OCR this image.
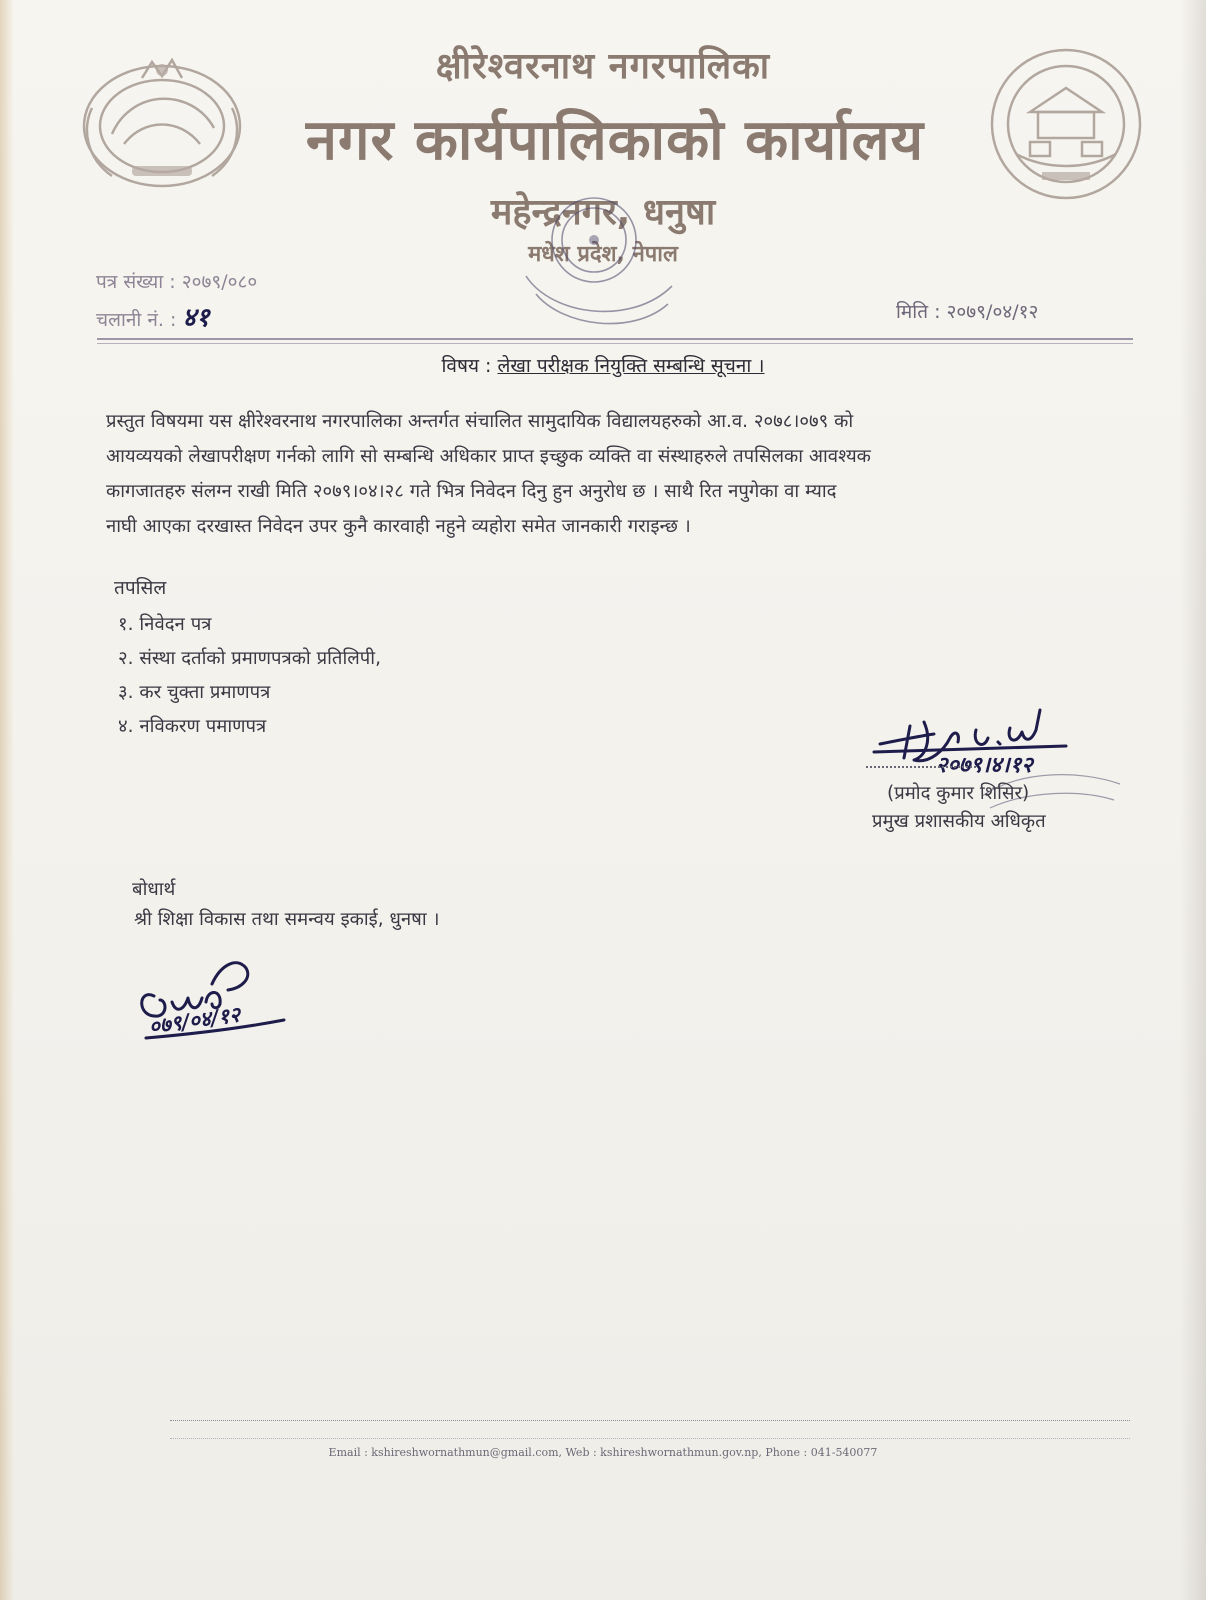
क्षीरेश्वरनाथ नगरपालिका
नगर कार्यपालिकाको कार्यालय
महेन्द्रनगर, धनुषा
मधेश प्रदेश, नेपाल
पत्र संख्या : २०७९/०८०
चलानी नं. : ४१	मिति : २०७९/०४/१२
विषय : लेखा परीक्षक नियुक्ति सम्बन्धि सूचना ।
प्रस्तुत विषयमा यस क्षीरेश्वरनाथ नगरपालिका अन्तर्गत संचालित सामुदायिक विद्यालयहरुको आ.व. २०७८।०७९ को
आयव्ययको लेखापरीक्षण गर्नको लागि सो सम्बन्धि अधिकार प्राप्त इच्छुक व्यक्ति वा संस्थाहरुले तपसिलका आवश्यक
कागजातहरु संलग्न राखी मिति २०७९।०४।२८ गते भित्र निवेदन दिनु हुन अनुरोध छ । साथै रित नपुगेका वा म्याद
नाघी आएका दरखास्त निवेदन उपर कुनै कारवाही नहुने व्यहोरा समेत जानकारी गराइन्छ ।
तपसिल
१. निवेदन पत्र
२. संस्था दर्ताको प्रमाणपत्रको प्रतिलिपी,
३. कर चुक्ता प्रमाणपत्र
४. नविकरण पमाणपत्र
२०७९।४।१२
(प्रमोद कुमार शिसिर)
प्रमुख प्रशासकीय अधिकृत
बोधार्थ
श्री शिक्षा विकास तथा समन्वय इकाई, धुनषा ।
०७९/०४/१२
Email : kshireshwornathmun@gmail.com, Web : kshireshwornathmun.gov.np, Phone : 041-540077
